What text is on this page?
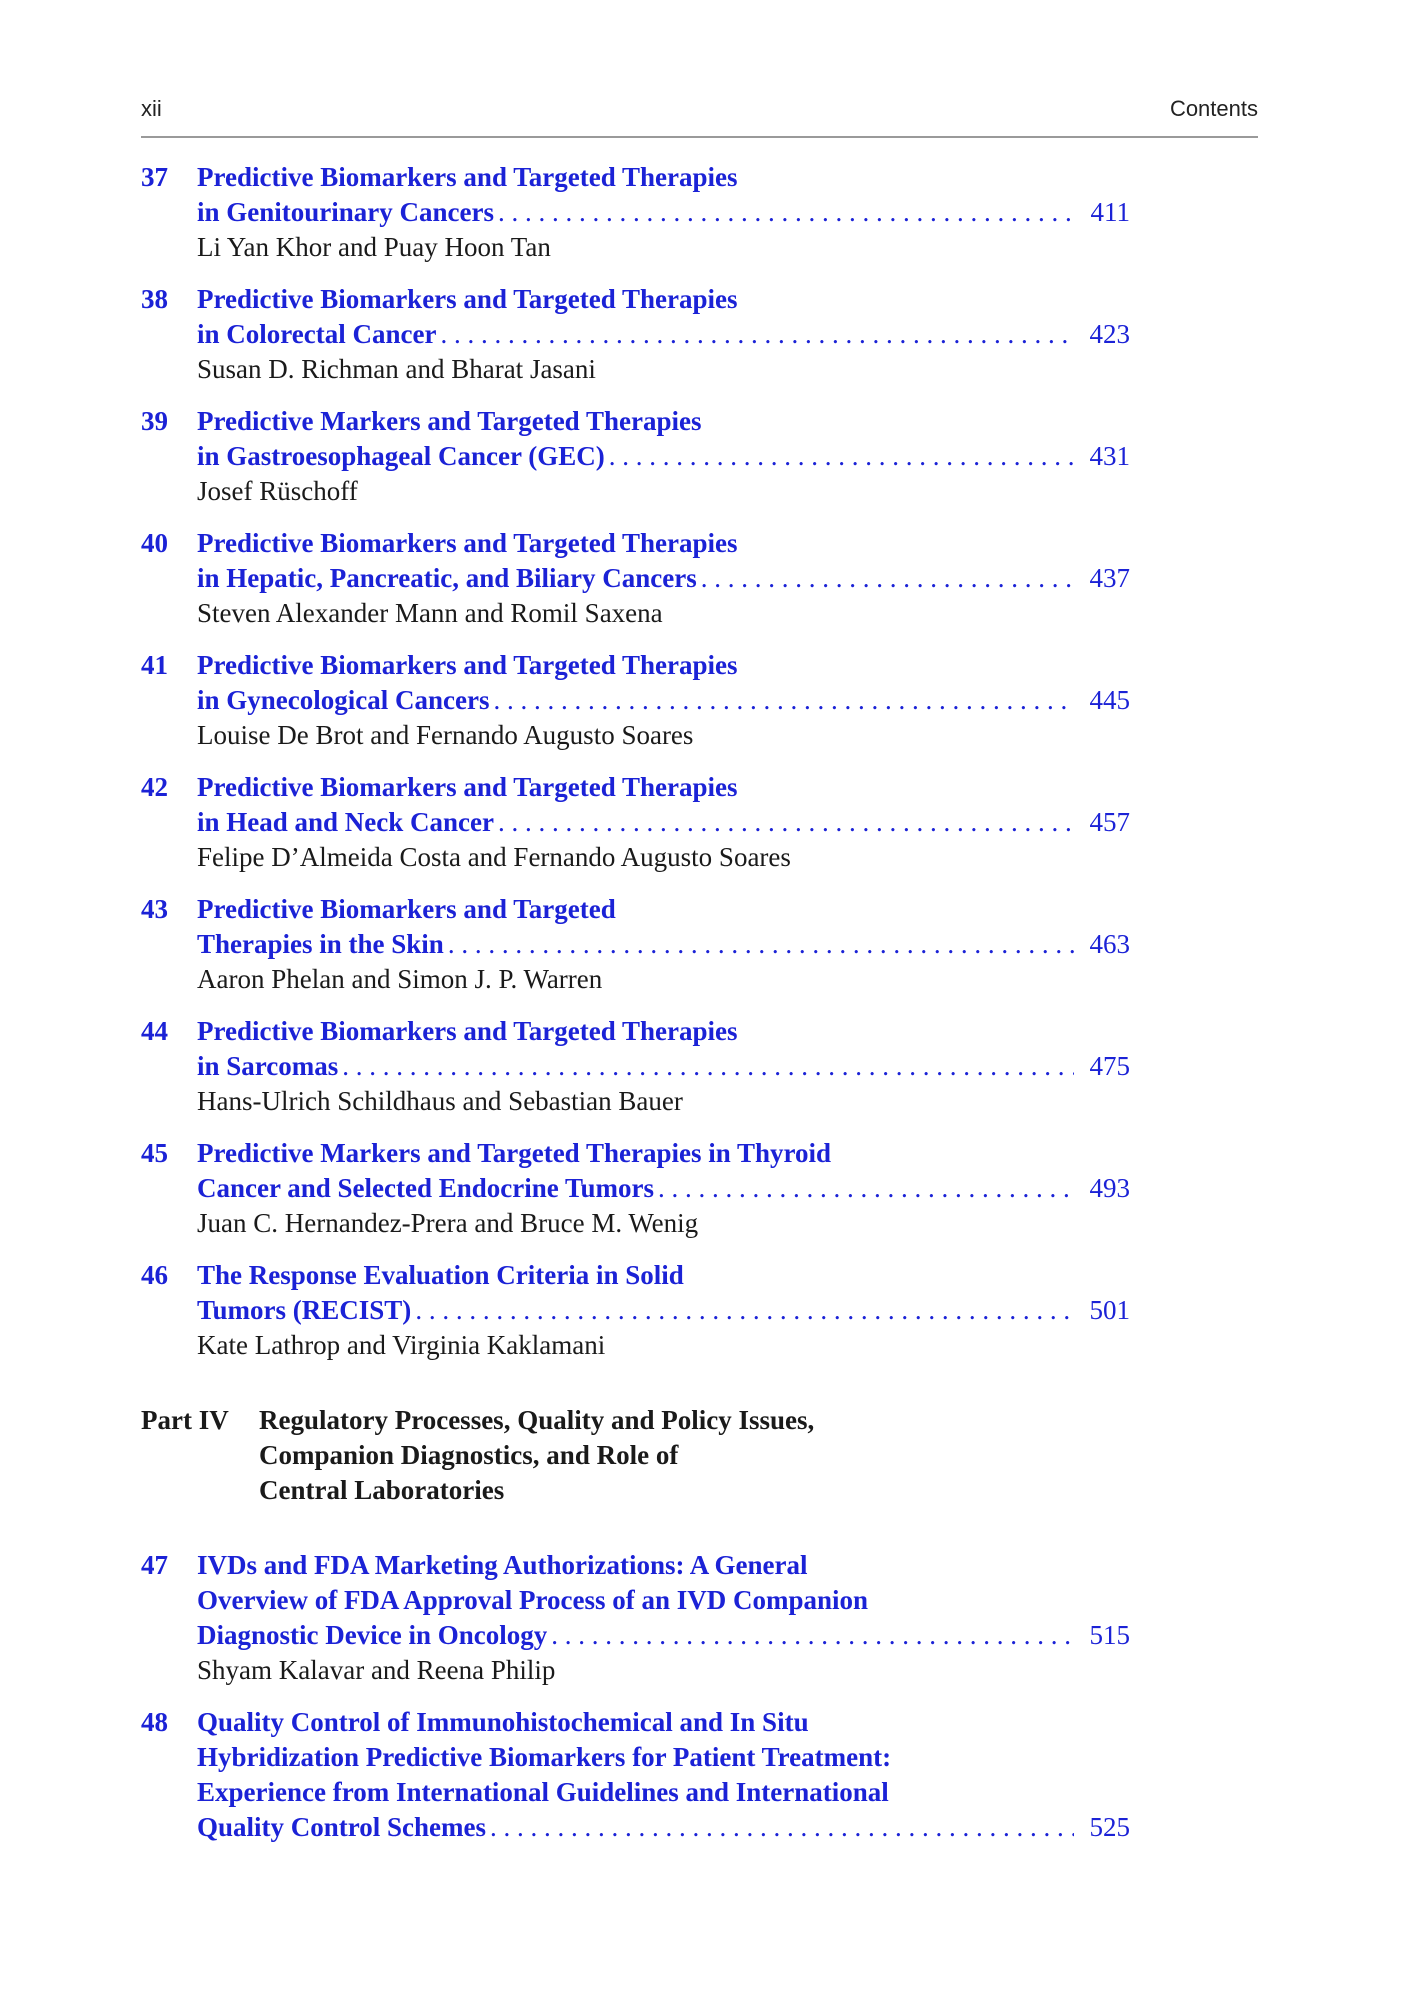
xii	Contents
37	Predictive Biomarkers and Targeted Therapies
in Genitourinary Cancers . . .	411
Li Yan Khor and Puay Hoon Tan
38	Predictive Biomarkers and Targeted Therapies
in Colorectal Cancer . . .	423
Susan D. Richman and Bharat Jasani
39	Predictive Markers and Targeted Therapies
in Gastroesophageal Cancer (GEC) . . .	431
Josef Rüschoff
40	Predictive Biomarkers and Targeted Therapies
in Hepatic, Pancreatic, and Biliary Cancers . . .	437
Steven Alexander Mann and Romil Saxena
41	Predictive Biomarkers and Targeted Therapies
in Gynecological Cancers . . .	445
Louise De Brot and Fernando Augusto Soares
42	Predictive Biomarkers and Targeted Therapies
in Head and Neck Cancer . . .	457
Felipe D’Almeida Costa and Fernando Augusto Soares
43	Predictive Biomarkers and Targeted
Therapies in the Skin . . .	463
Aaron Phelan and Simon J. P. Warren
44	Predictive Biomarkers and Targeted Therapies
in Sarcomas . . .	475
Hans-Ulrich Schildhaus and Sebastian Bauer
45	Predictive Markers and Targeted Therapies in Thyroid
Cancer and Selected Endocrine Tumors . . .	493
Juan C. Hernandez-Prera and Bruce M. Wenig
46	The Response Evaluation Criteria in Solid
Tumors (RECIST) . . .	501
Kate Lathrop and Virginia Kaklamani
Part IV Regulatory Processes, Quality and Policy Issues,
Companion Diagnostics, and Role of
Central Laboratories
47	IVDs and FDA Marketing Authorizations: A General
Overview of FDA Approval Process of an IVD Companion
Diagnostic Device in Oncology . . .	515
Shyam Kalavar and Reena Philip
48	Quality Control of Immunohistochemical and In Situ
Hybridization Predictive Biomarkers for Patient Treatment:
Experience from International Guidelines and International
Quality Control Schemes . . .	525
